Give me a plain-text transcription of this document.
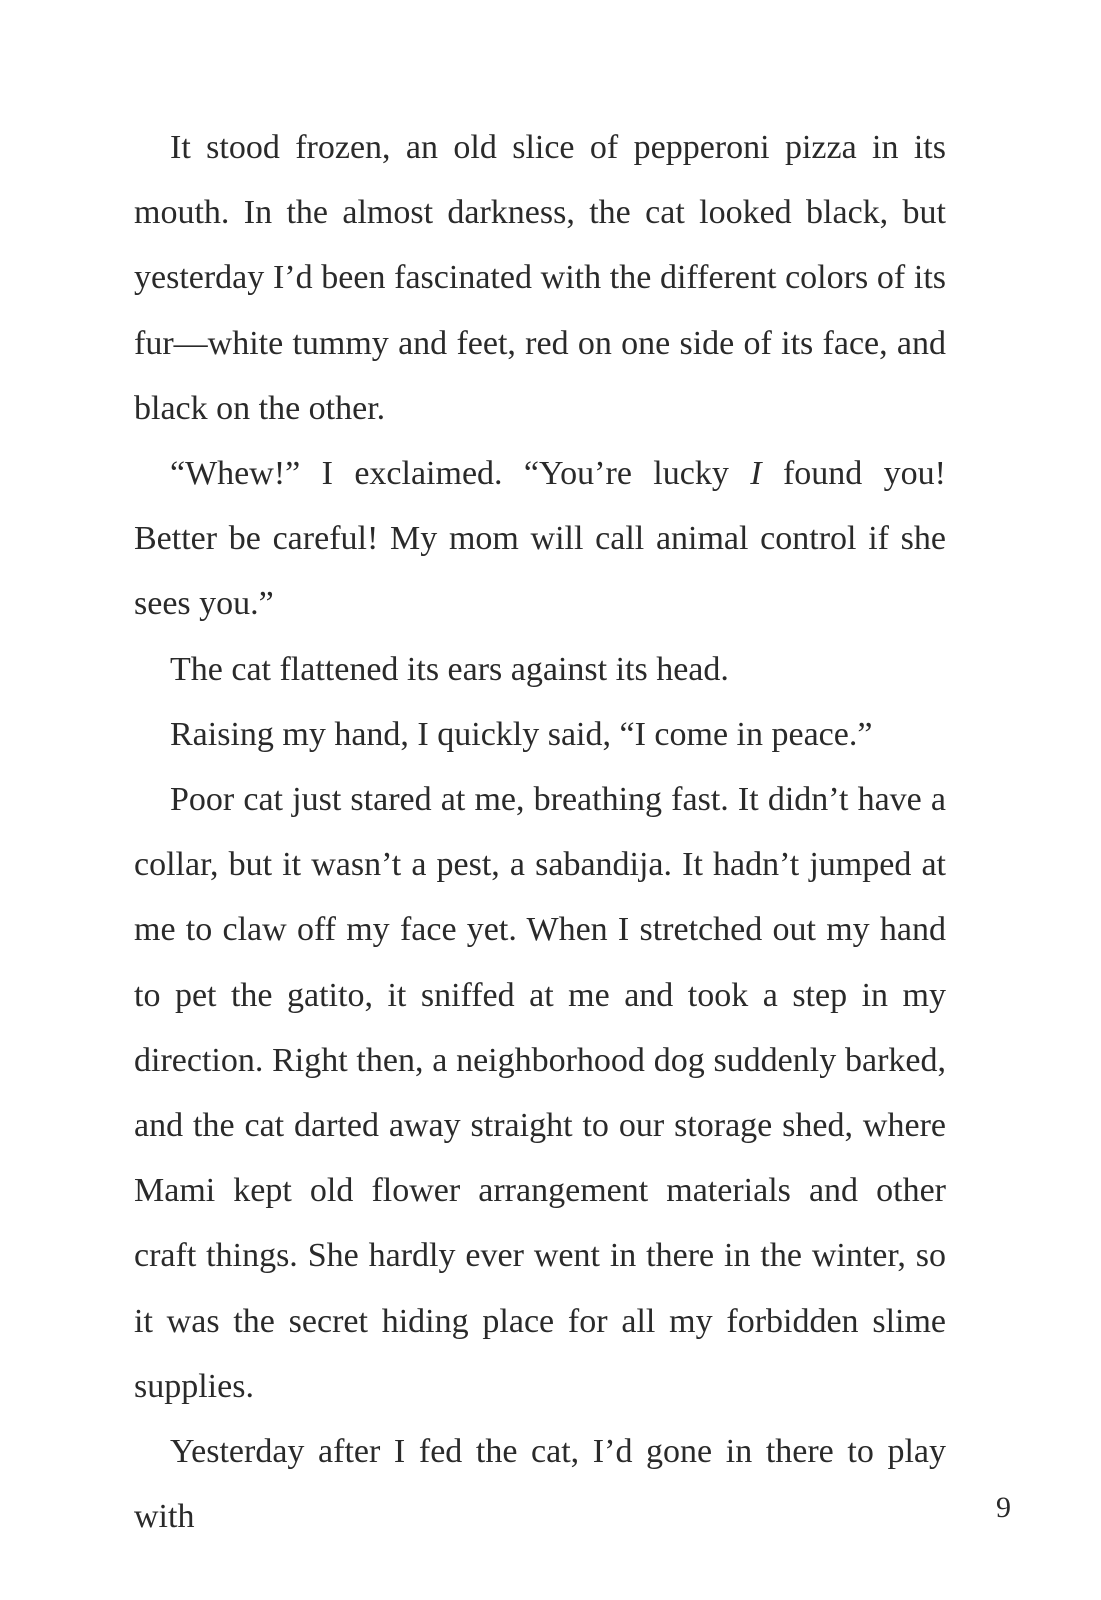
It stood frozen, an old slice of pepperoni pizza in its mouth. In the almost darkness, the cat looked black, but yesterday I’d been fascinated with the different colors of its fur—white tummy and feet, red on one side of its face, and black on the other.

“Whew!” I exclaimed. “You’re lucky I found you! Better be careful! My mom will call animal control if she sees you.”

The cat flattened its ears against its head.

Raising my hand, I quickly said, “I come in peace.”

Poor cat just stared at me, breathing fast. It didn’t have a collar, but it wasn’t a pest, a sabandija. It hadn’t jumped at me to claw off my face yet. When I stretched out my hand to pet the gatito, it sniffed at me and took a step in my direction. Right then, a neighborhood dog suddenly barked, and the cat darted away straight to our storage shed, where Mami kept old flower arrangement materials and other craft things. She hardly ever went in there in the winter, so it was the secret hiding place for all my forbidden slime supplies.

Yesterday after I fed the cat, I’d gone in there to play with	9
